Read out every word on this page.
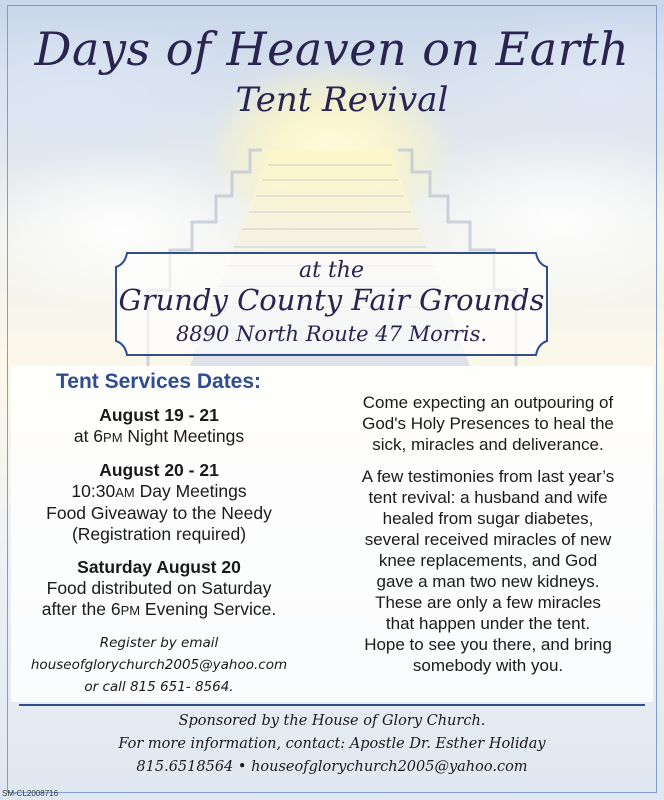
Days of Heaven on Earth
Tent Revival
at the
Grundy County Fair Grounds
8890 North Route 47 Morris.
Tent Services Dates:
August 19 - 21
at 6PM Night Meetings
August 20 - 21
10:30AM Day Meetings
Food Giveaway to the Needy
(Registration required)
Saturday August 20
Food distributed on Saturday
after the 6PM Evening Service.
Register by email
houseofglorychurch2005@yahoo.com
or call 815 651- 8564.
Come expecting an outpouring of
God's Holy Presences to heal the
sick, miracles and deliverance.
A few testimonies from last year’s
tent revival: a husband and wife
healed from sugar diabetes,
several received miracles of new
knee replacements, and God
gave a man two new kidneys.
These are only a few miracles
that happen under the tent.
Hope to see you there, and bring
somebody with you.
Sponsored by the House of Glory Church.
For more information, contact: Apostle Dr. Esther Holiday
815.6518564 • houseofglorychurch2005@yahoo.com
SM-CL2008716
